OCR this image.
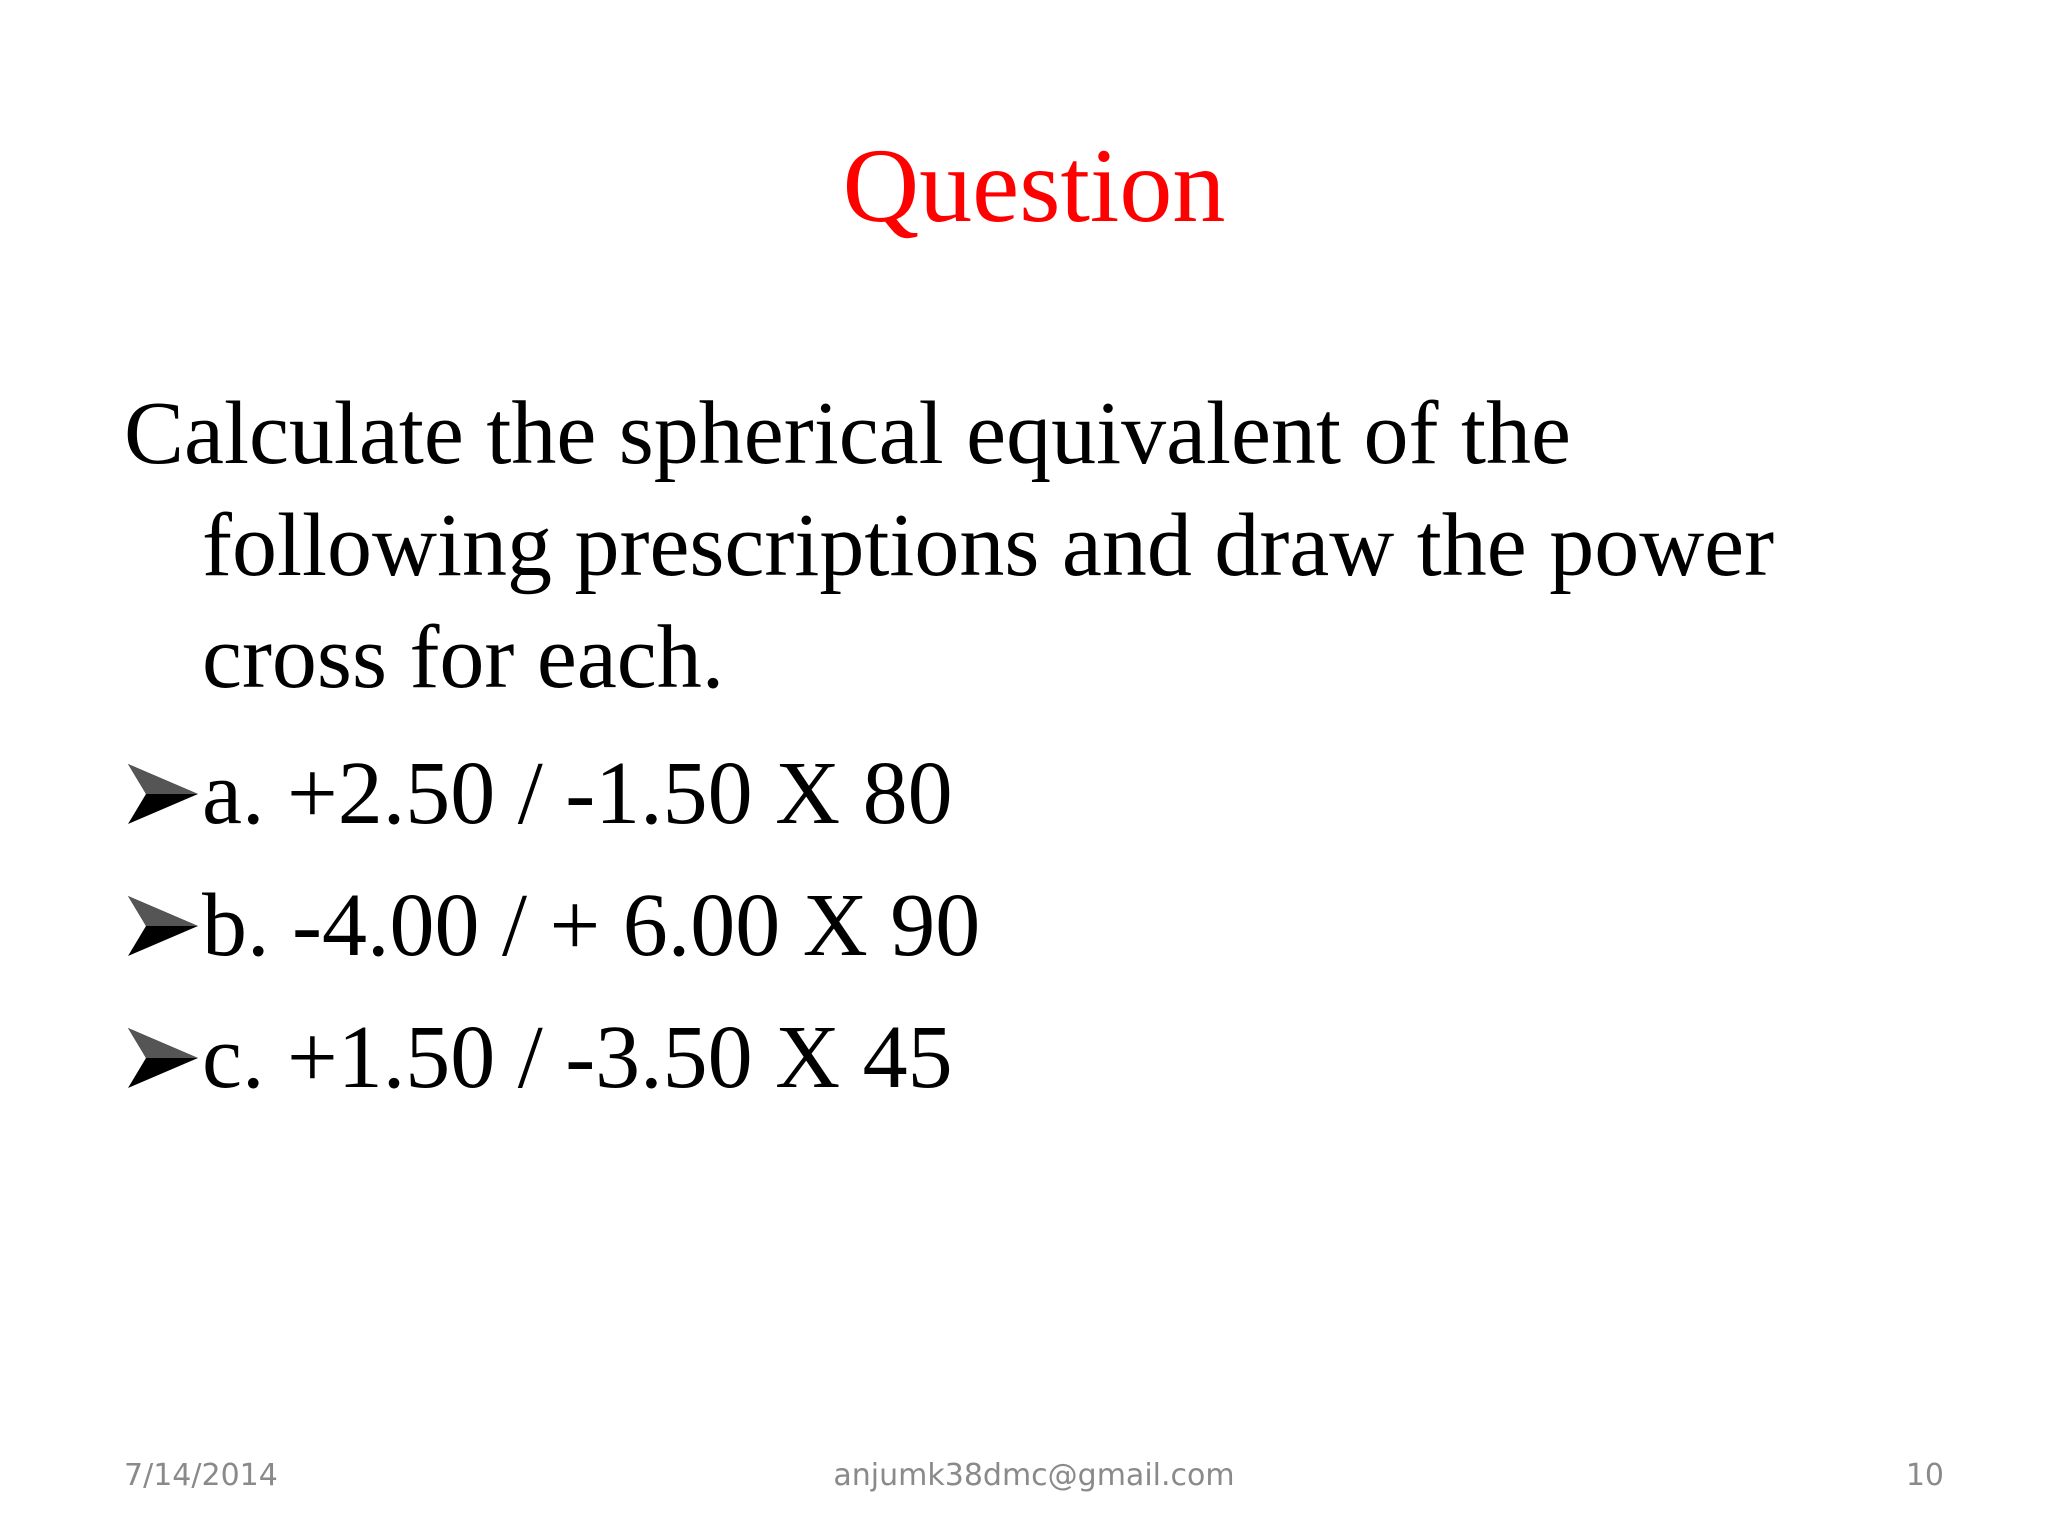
Question

Calculate the spherical equivalent of the following prescriptions and draw the power cross for each.

a. +2.50 / -1.50 X 80
b. -4.00 / + 6.00 X 90
c. +1.50 / -3.50 X 45
7/14/2014	anjumk38dmc@gmail.com	10
